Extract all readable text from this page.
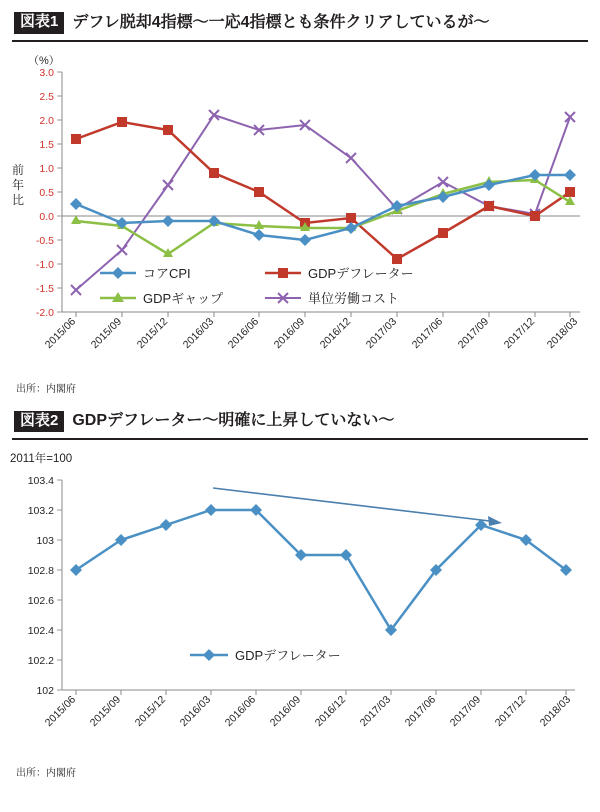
図表1 デフレ脱却4指標～一応4指標とも条件クリアしているが～
（%）
前
年
比
3.0
2.5
2.0
1.5
1.0
0.5
0.0
-0.5
-1.0
-1.5
-2.0
2015/06 2015/09 2015/12 2016/03 2016/06 2016/09 2016/12 2017/03 2017/06 2017/09 2017/12 2018/03
コアCPI	GDPデフレーター
GDPギャップ	単位労働コスト
出所：内閣府
図表2 GDPデフレーター～明確に上昇していない～
2011年=100
103.4
103.2
103
102.8
102.6
102.4
102.2
102
2015/06 2015/09 2015/12 2016/03 2016/06 2016/09 2016/12 2017/03 2017/06 2017/09 2017/12 2018/03
GDPデフレーター
出所：内閣府
